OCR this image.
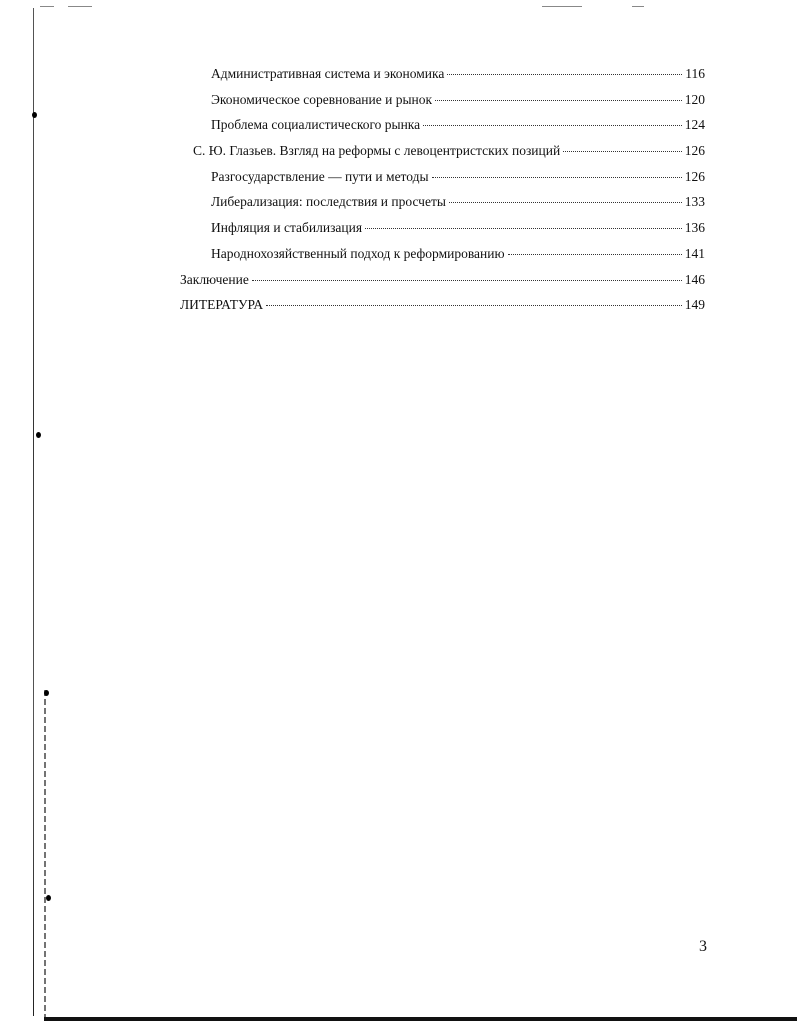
Административная система и экономика	116
Экономическое соревнование и рынок	120
Проблема социалистического рынка	124
С. Ю. Глазьев. Взгляд на реформы с левоцентристских позиций	126
Разгосударствление — пути и методы	126
Либерализация: последствия и просчеты	133
Инфляция и стабилизация	136
Народнохозяйственный подход к реформированию	141
Заключение	146
ЛИТЕРАТУРА	149
3
